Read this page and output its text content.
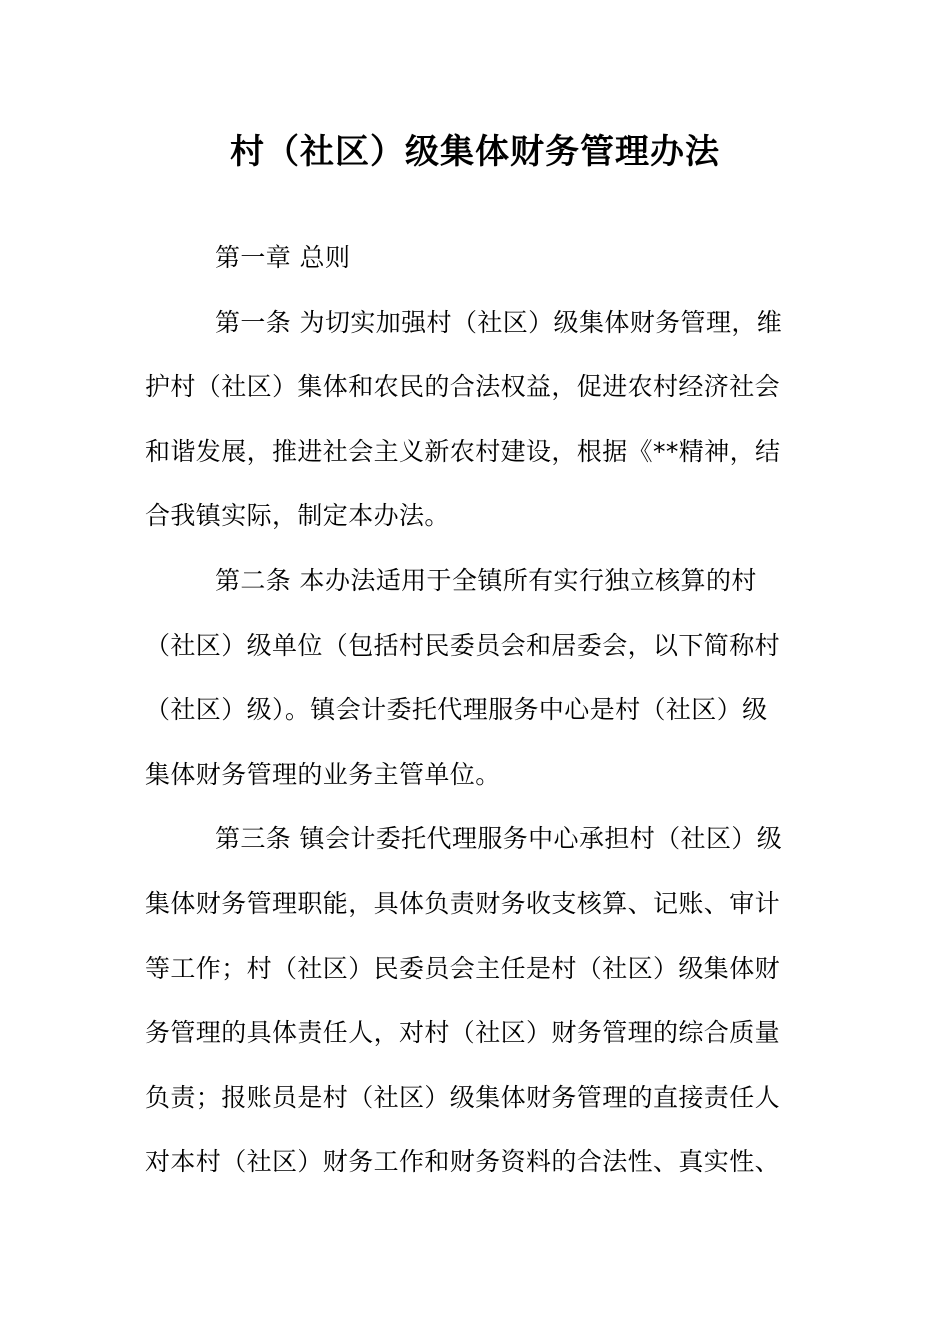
村（社区）级集体财务管理办法
第一章 总则
第一条 为切实加强村（社区）级集体财务管理，维
护村（社区）集体和农民的合法权益，促进农村经济社会
和谐发展，推进社会主义新农村建设，根据《**精神，结
合我镇实际，制定本办法。
第二条 本办法适用于全镇所有实行独立核算的村
（社区）级单位（包括村民委员会和居委会，以下简称村
（社区）级）。镇会计委托代理服务中心是村（社区）级
集体财务管理的业务主管单位。
第三条 镇会计委托代理服务中心承担村（社区）级
集体财务管理职能，具体负责财务收支核算、记账、审计
等工作；村（社区）民委员会主任是村（社区）级集体财
务管理的具体责任人，对村（社区）财务管理的综合质量
负责；报账员是村（社区）级集体财务管理的直接责任人
对本村（社区）财务工作和财务资料的合法性、真实性、
